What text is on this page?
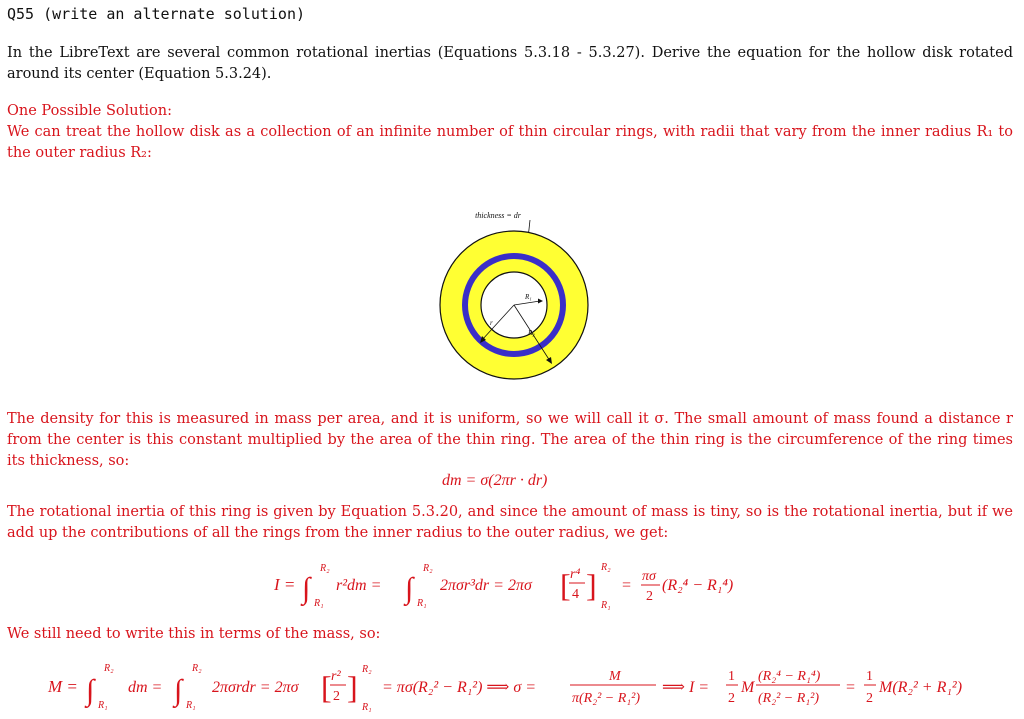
Q55 (write an alternate solution)

In the LibreText are several common rotational inertias (Equations 5.3.18 - 5.3.27). Derive the equation for the hollow disk rotated around its center (Equation 5.3.24).

One Possible Solution:

We can treat the hollow disk as a collection of an infinite number of thin circular rings, with radii that vary from the inner radius R₁ to the outer radius R₂:

thickness = dr
R₁
r
R₂

The density for this is measured in mass per area, and it is uniform, so we will call it σ. The small amount of mass found a distance r from the center is this constant multiplied by the area of the thin ring. The area of the thin ring is the circumference of the ring times its thickness, so:

dm = σ(2πr · dr)

The rotational inertia of this ring is given by Equation 5.3.20, and since the amount of mass is tiny, so is the rotational inertia, but if we add up the contributions of all the rings from the inner radius to the outer radius, we get:

I = ∫
R₂
R₁
r²dm = ∫
R₂
R₁
2πσr³dr = 2πσ [ r⁴
4 ] R₂
R₁
=
πσ
2
(R₂⁴ − R₁⁴)

We still need to write this in terms of the mass, so:

M = ∫
R₂
R₁
dm = ∫
R₂
R₁
2πσrdr = 2πσ [ r²
2 ] R₂
R₁
= πσ(R₂² − R₁²) ⟹ σ =
M
π(R₂² − R₁²)
⟹ I =
1
2
M
(R₂⁴ − R₁⁴)
(R₂² − R₁²)
=
1
2
M(R₂² + R₁²)
